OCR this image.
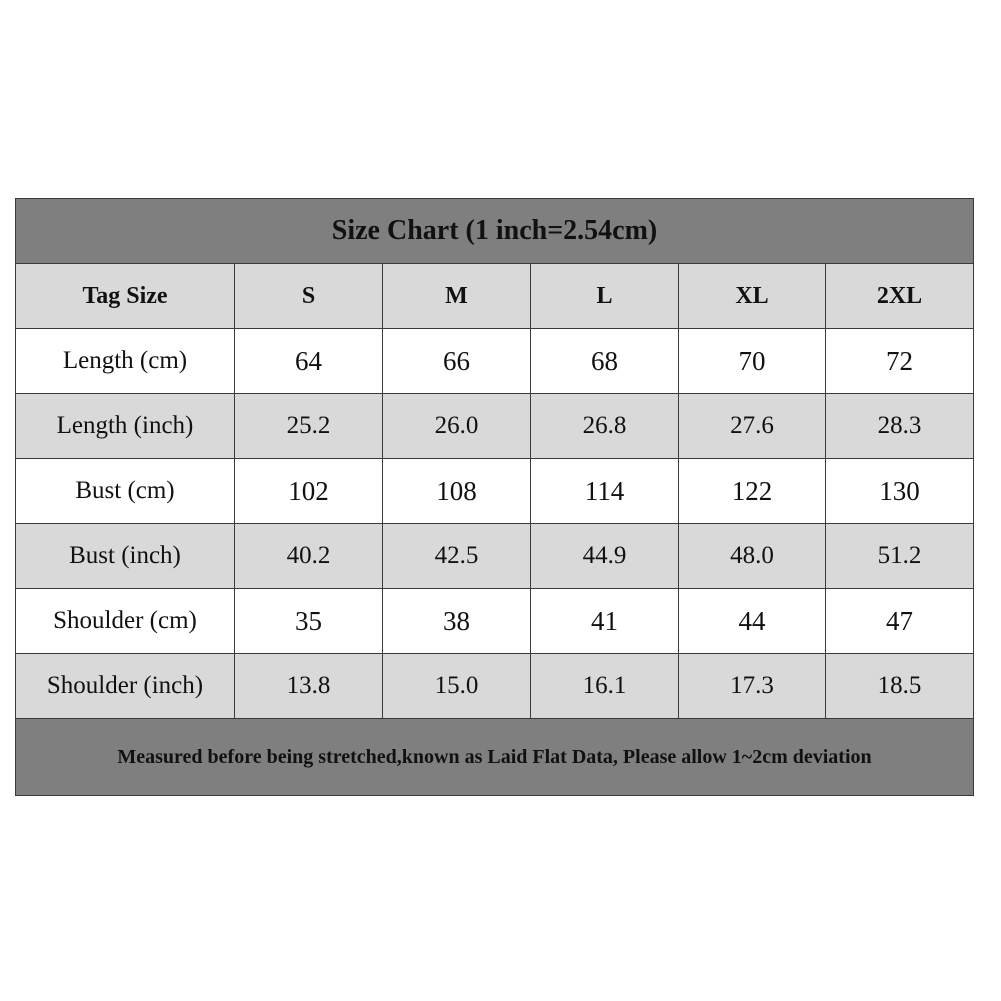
Size Chart (1 inch=2.54cm)					
Tag Size	S	M	L	XL	2XL
Length (cm)	64	66	68	70	72
Length (inch)	25.2	26.0	26.8	27.6	28.3
Bust (cm)	102	108	114	122	130
Bust (inch)	40.2	42.5	44.9	48.0	51.2
Shoulder (cm)	35	38	41	44	47
Shoulder (inch)	13.8	15.0	16.1	17.3	18.5
Measured before being stretched,known as Laid Flat Data, Please allow 1~2cm deviation					
